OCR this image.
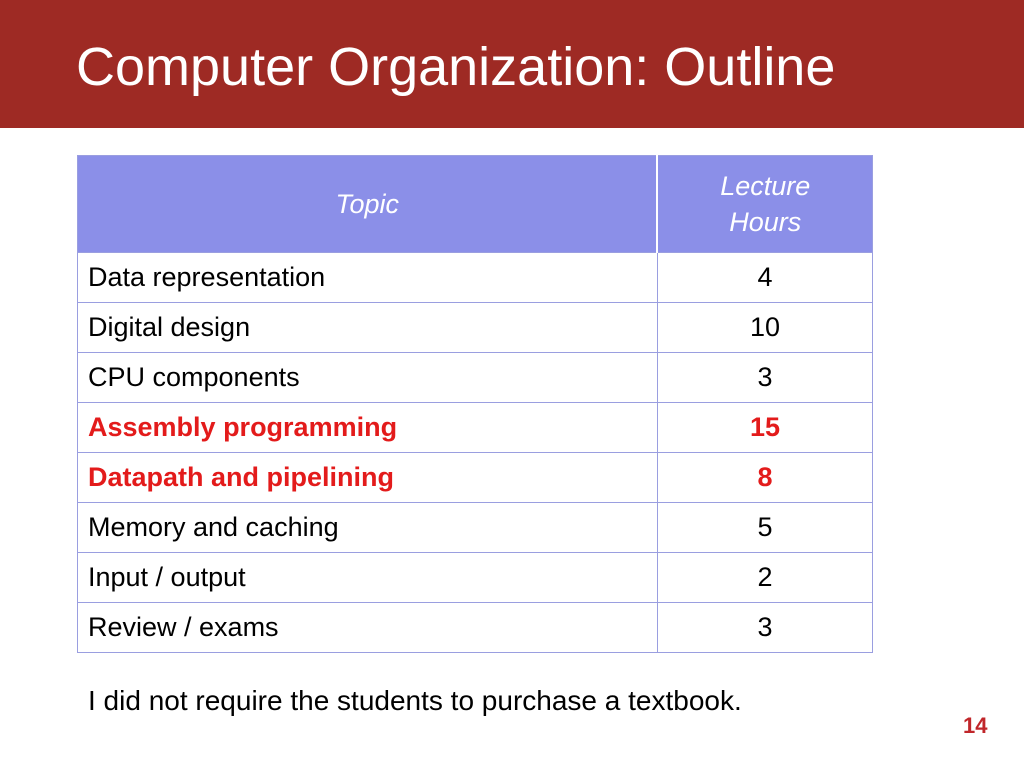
Computer Organization: Outline
Topic	Lecture
Hours
Data representation	4
Digital design	10
CPU components	3
Assembly programming	15
Datapath and pipelining	8
Memory and caching	5
Input / output	2
Review / exams	3
I did not require the students to purchase a textbook.
14
